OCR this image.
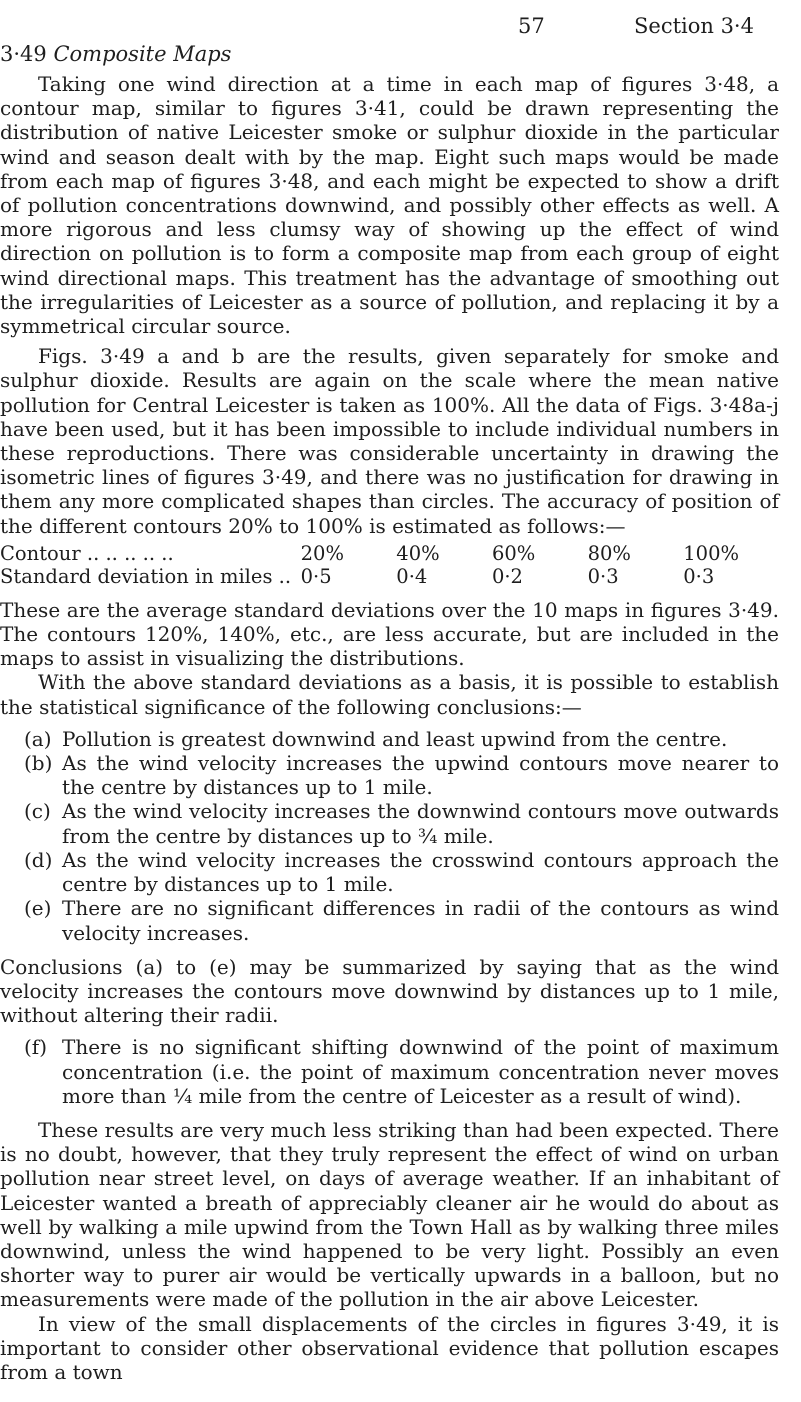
57	Section 3·4
3·49 Composite Maps

Taking one wind direction at a time in each map of figures 3·48, a contour map, similar to figures 3·41, could be drawn representing the distribution of native Leicester smoke or sulphur dioxide in the particular wind and season dealt with by the map. Eight such maps would be made from each map of figures 3·48, and each might be expected to show a drift of pollution concentrations downwind, and possibly other effects as well. A more rigorous and less clumsy way of showing up the effect of wind direction on pollution is to form a composite map from each group of eight wind directional maps. This treatment has the advantage of smoothing out the irregularities of Leicester as a source of pollution, and replacing it by a symmetrical circular source.

Figs. 3·49 a and b are the results, given separately for smoke and sulphur dioxide. Results are again on the scale where the mean native pollution for Central Leicester is taken as 100%. All the data of Figs. 3·48a-j have been used, but it has been impossible to include individual numbers in these reproductions. There was considerable uncertainty in drawing the isometric lines of figures 3·49, and there was no justification for drawing in them any more complicated shapes than circles. The accuracy of position of the different contours 20% to 100% is estimated as follows:—

Contour .. .. .. .. ..	20%	40%	60%	80%	100%
Standard deviation in miles ..	0·5	0·4	0·2	0·3	0·3

These are the average standard deviations over the 10 maps in figures 3·49. The contours 120%, 140%, etc., are less accurate, but are included in the maps to assist in visualizing the distributions.

With the above standard deviations as a basis, it is possible to establish the statistical significance of the following conclusions:—

(a) Pollution is greatest downwind and least upwind from the centre.
(b) As the wind velocity increases the upwind contours move nearer to the centre by distances up to 1 mile.
(c) As the wind velocity increases the downwind contours move outwards from the centre by distances up to ¾ mile.
(d) As the wind velocity increases the crosswind contours approach the centre by distances up to 1 mile.
(e) There are no significant differences in radii of the contours as wind velocity increases.

Conclusions (a) to (e) may be summarized by saying that as the wind velocity increases the contours move downwind by distances up to 1 mile, without altering their radii.

(f) There is no significant shifting downwind of the point of maximum concentration (i.e. the point of maximum concentration never moves more than ¼ mile from the centre of Leicester as a result of wind).

These results are very much less striking than had been expected. There is no doubt, however, that they truly represent the effect of wind on urban pollution near street level, on days of average weather. If an inhabitant of Leicester wanted a breath of appreciably cleaner air he would do about as well by walking a mile upwind from the Town Hall as by walking three miles downwind, unless the wind happened to be very light. Possibly an even shorter way to purer air would be vertically upwards in a balloon, but no measurements were made of the pollution in the air above Leicester.

In view of the small displacements of the circles in figures 3·49, it is important to consider other observational evidence that pollution escapes from a town
